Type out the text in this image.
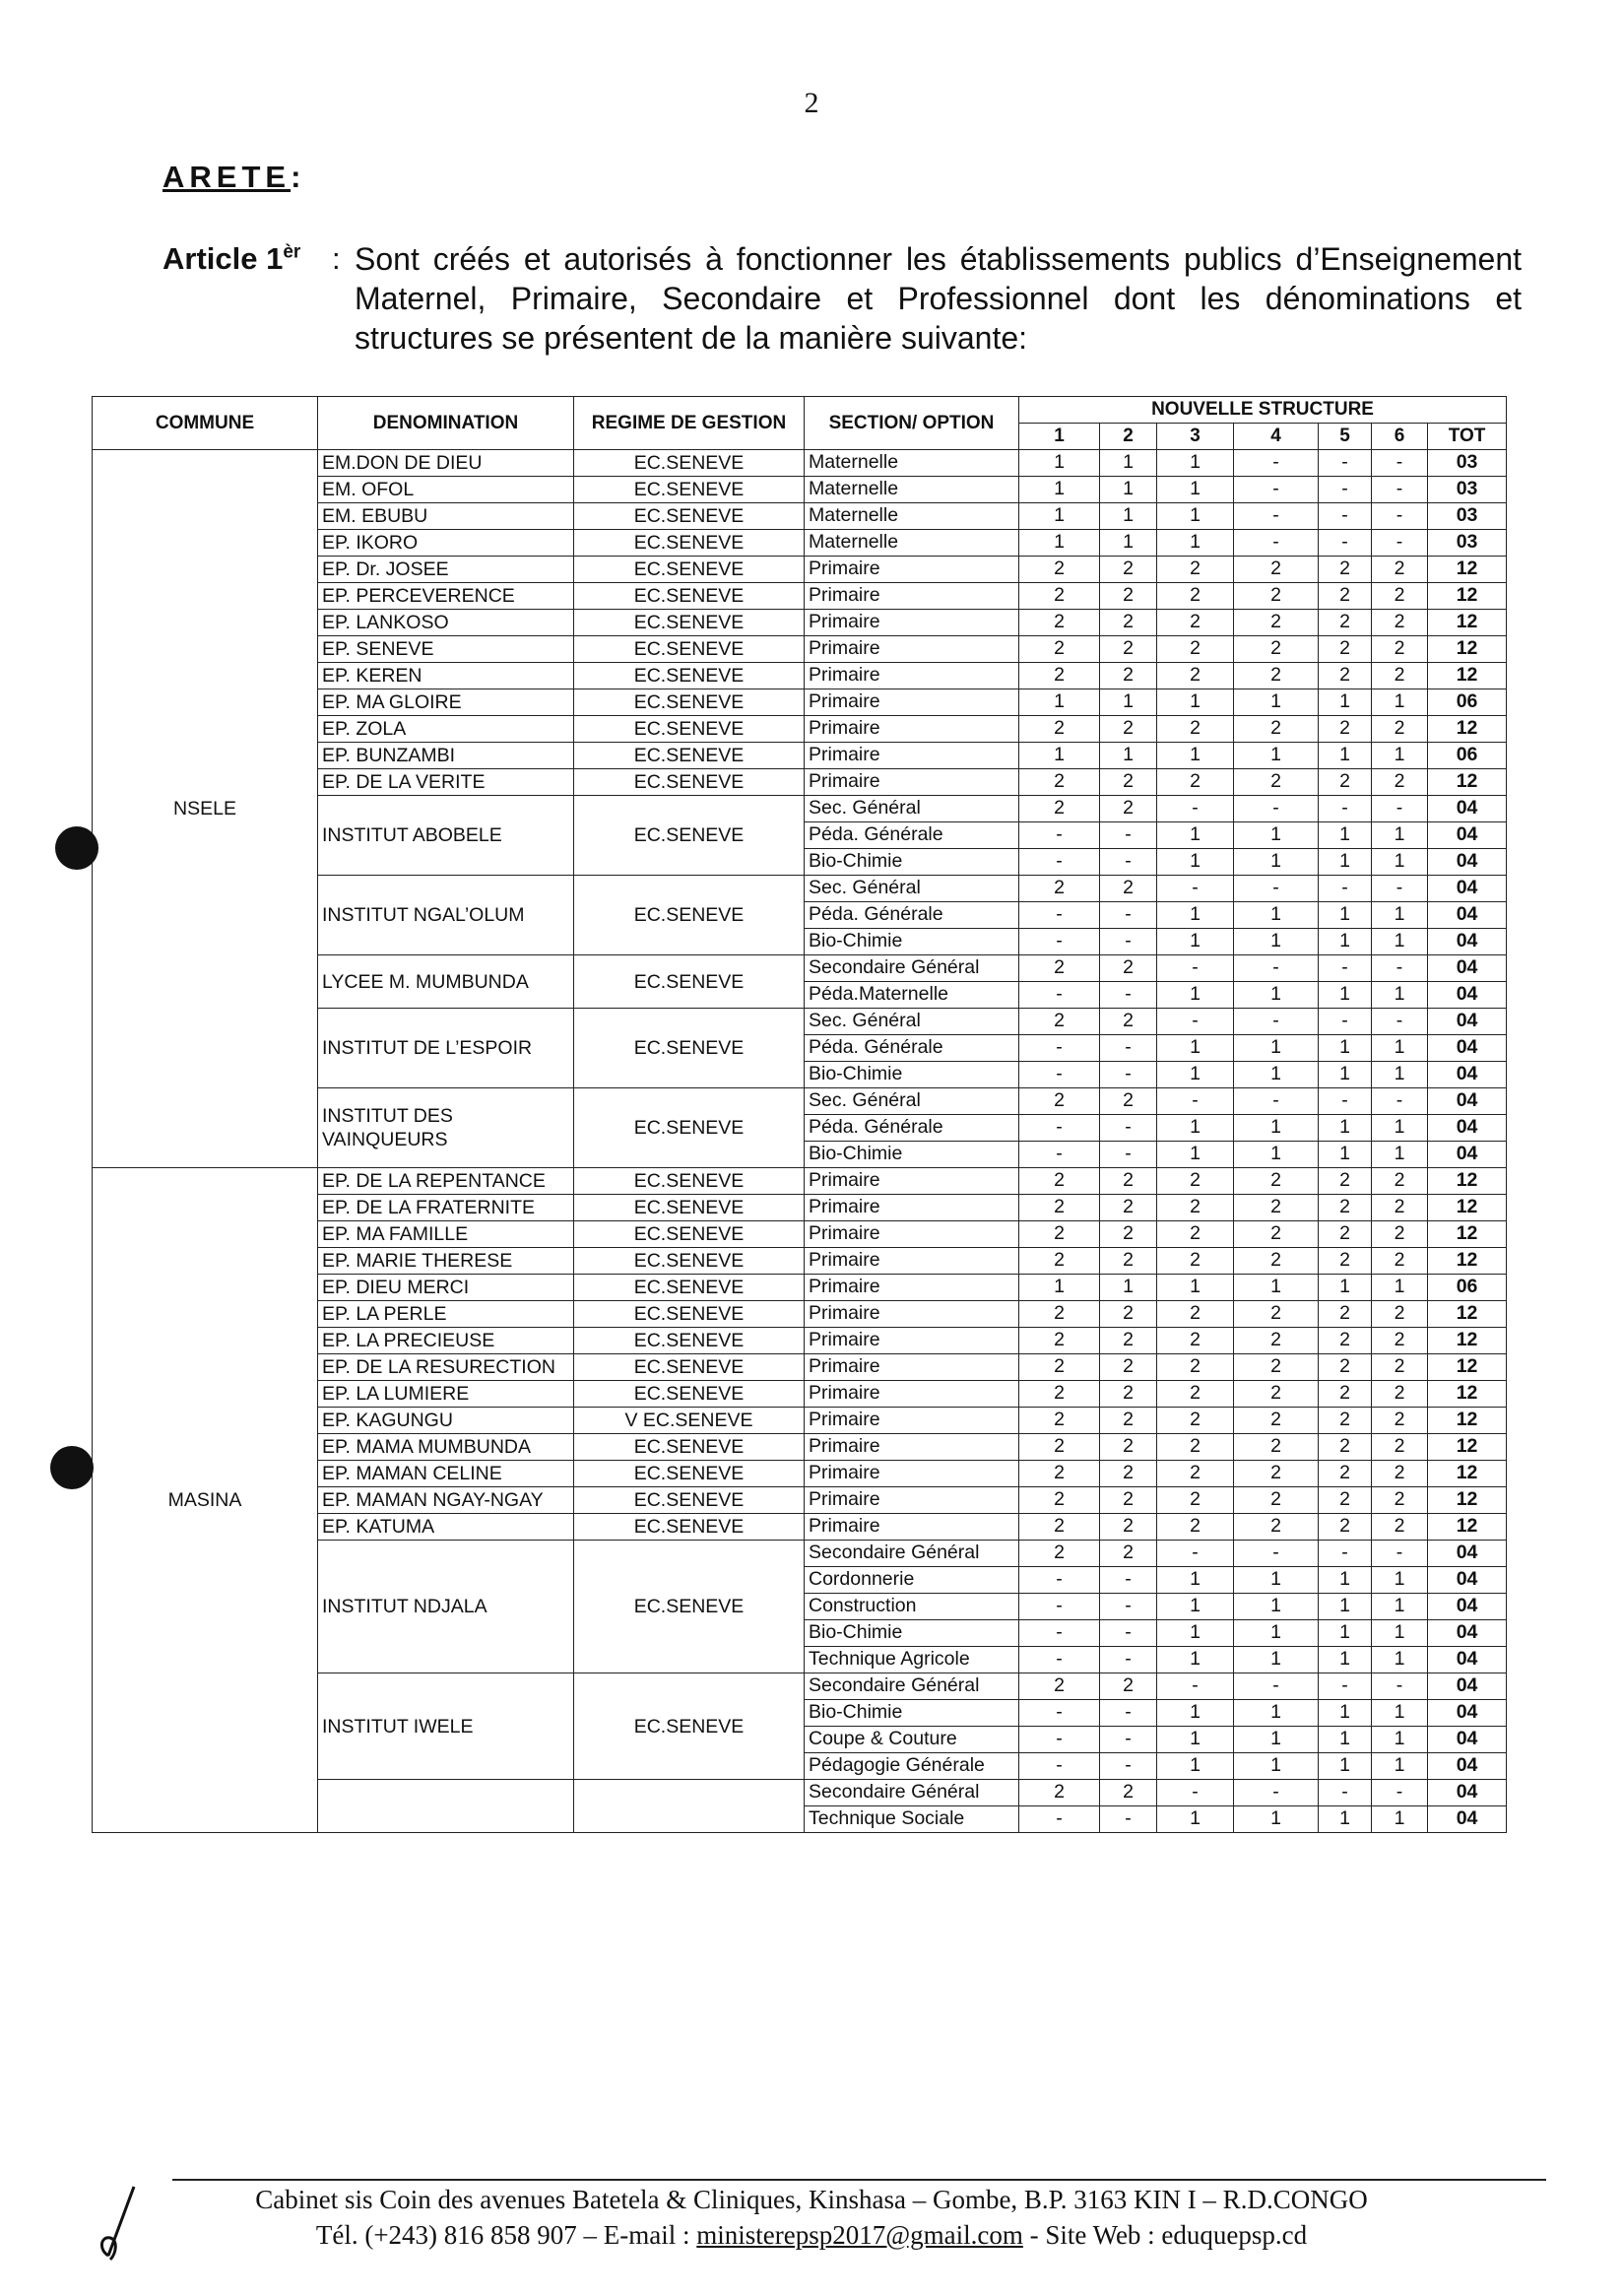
2
ARETE:
Article $1^{èr}$ : Sont créés et autorisés à fonctionner les établissements publics d’Enseignement Maternel, Primaire, Secondaire et Professionnel dont les dénominations et structures se présentent de la manière suivante:
COMMUNE	DENOMINATION	REGIME DE GESTION	SECTION/ OPTION	NOUVELLE STRUCTURE						
				1	2	3	4	5	6	TOT
NSELE	EM.DON DE DIEU	EC.SENEVE	Maternelle	1	1	1	-	-	-	03
	EM. OFOL	EC.SENEVE	Maternelle	1	1	1	-	-	-	03
	EM. EBUBU	EC.SENEVE	Maternelle	1	1	1	-	-	-	03
	EP. IKORO	EC.SENEVE	Maternelle	1	1	1	-	-	-	03
	EP. Dr. JOSEE	EC.SENEVE	Primaire	2	2	2	2	2	2	12
	EP. PERCEVERENCE	EC.SENEVE	Primaire	2	2	2	2	2	2	12
	EP. LANKOSO	EC.SENEVE	Primaire	2	2	2	2	2	2	12
	EP. SENEVE	EC.SENEVE	Primaire	2	2	2	2	2	2	12
	EP. KEREN	EC.SENEVE	Primaire	2	2	2	2	2	2	12
	EP. MA GLOIRE	EC.SENEVE	Primaire	1	1	1	1	1	1	06
	EP. ZOLA	EC.SENEVE	Primaire	2	2	2	2	2	2	12
	EP. BUNZAMBI	EC.SENEVE	Primaire	1	1	1	1	1	1	06
	EP. DE LA VERITE	EC.SENEVE	Primaire	2	2	2	2	2	2	12
	INSTITUT ABOBELE	EC.SENEVE	Sec. Général	2	2	-	-	-	-	04
			Péda. Générale	-	-	1	1	1	1	04
			Bio-Chimie	-	-	1	1	1	1	04
	INSTITUT NGAL’OLUM	EC.SENEVE	Sec. Général	2	2	-	-	-	-	04
			Péda. Générale	-	-	1	1	1	1	04
			Bio-Chimie	-	-	1	1	1	1	04
	LYCEE M. MUMBUNDA	EC.SENEVE	Secondaire Général	2	2	-	-	-	-	04
			Péda.Maternelle	-	-	1	1	1	1	04
	INSTITUT DE L’ESPOIR	EC.SENEVE	Sec. Général	2	2	-	-	-	-	04
			Péda. Générale	-	-	1	1	1	1	04
			Bio-Chimie	-	-	1	1	1	1	04
	INSTITUT DES VAINQUEURS	EC.SENEVE	Sec. Général	2	2	-	-	-	-	04
			Péda. Générale	-	-	1	1	1	1	04
			Bio-Chimie	-	-	1	1	1	1	04
MASINA	EP. DE LA REPENTANCE	EC.SENEVE	Primaire	2	2	2	2	2	2	12
	EP. DE LA FRATERNITE	EC.SENEVE	Primaire	2	2	2	2	2	2	12
	EP. MA FAMILLE	EC.SENEVE	Primaire	2	2	2	2	2	2	12
	EP. MARIE THERESE	EC.SENEVE	Primaire	2	2	2	2	2	2	12
	EP. DIEU MERCI	EC.SENEVE	Primaire	1	1	1	1	1	1	06
	EP. LA PERLE	EC.SENEVE	Primaire	2	2	2	2	2	2	12
	EP. LA PRECIEUSE	EC.SENEVE	Primaire	2	2	2	2	2	2	12
	EP. DE LA RESURECTION	EC.SENEVE	Primaire	2	2	2	2	2	2	12
	EP. LA LUMIERE	EC.SENEVE	Primaire	2	2	2	2	2	2	12
	EP. KAGUNGU	V EC.SENEVE	Primaire	2	2	2	2	2	2	12
	EP. MAMA MUMBUNDA	EC.SENEVE	Primaire	2	2	2	2	2	2	12
	EP. MAMAN CELINE	EC.SENEVE	Primaire	2	2	2	2	2	2	12
	EP. MAMAN NGAY-NGAY	EC.SENEVE	Primaire	2	2	2	2	2	2	12
	EP. KATUMA	EC.SENEVE	Primaire	2	2	2	2	2	2	12
	INSTITUT NDJALA	EC.SENEVE	Secondaire Général	2	2	-	-	-	-	04
			Cordonnerie	-	-	1	1	1	1	04
			Construction	-	-	1	1	1	1	04
			Bio-Chimie	-	-	1	1	1	1	04
			Technique Agricole	-	-	1	1	1	1	04
	INSTITUT IWELE	EC.SENEVE	Secondaire Général	2	2	-	-	-	-	04
			Bio-Chimie	-	-	1	1	1	1	04
			Coupe & Couture	-	-	1	1	1	1	04
			Pédagogie Générale	-	-	1	1	1	1	04
			Secondaire Général	2	2	-	-	-	-	04
			Technique Sociale	-	-	1	1	1	1	04
Cabinet sis Coin des avenues Batetela & Cliniques, Kinshasa – Gombe, B.P. 3163 KIN I – R.D.CONGO
Tél. (+243) 816 858 907 – E-mail : ministerepsp2017@gmail.com - Site Web : eduquepsp.cd
